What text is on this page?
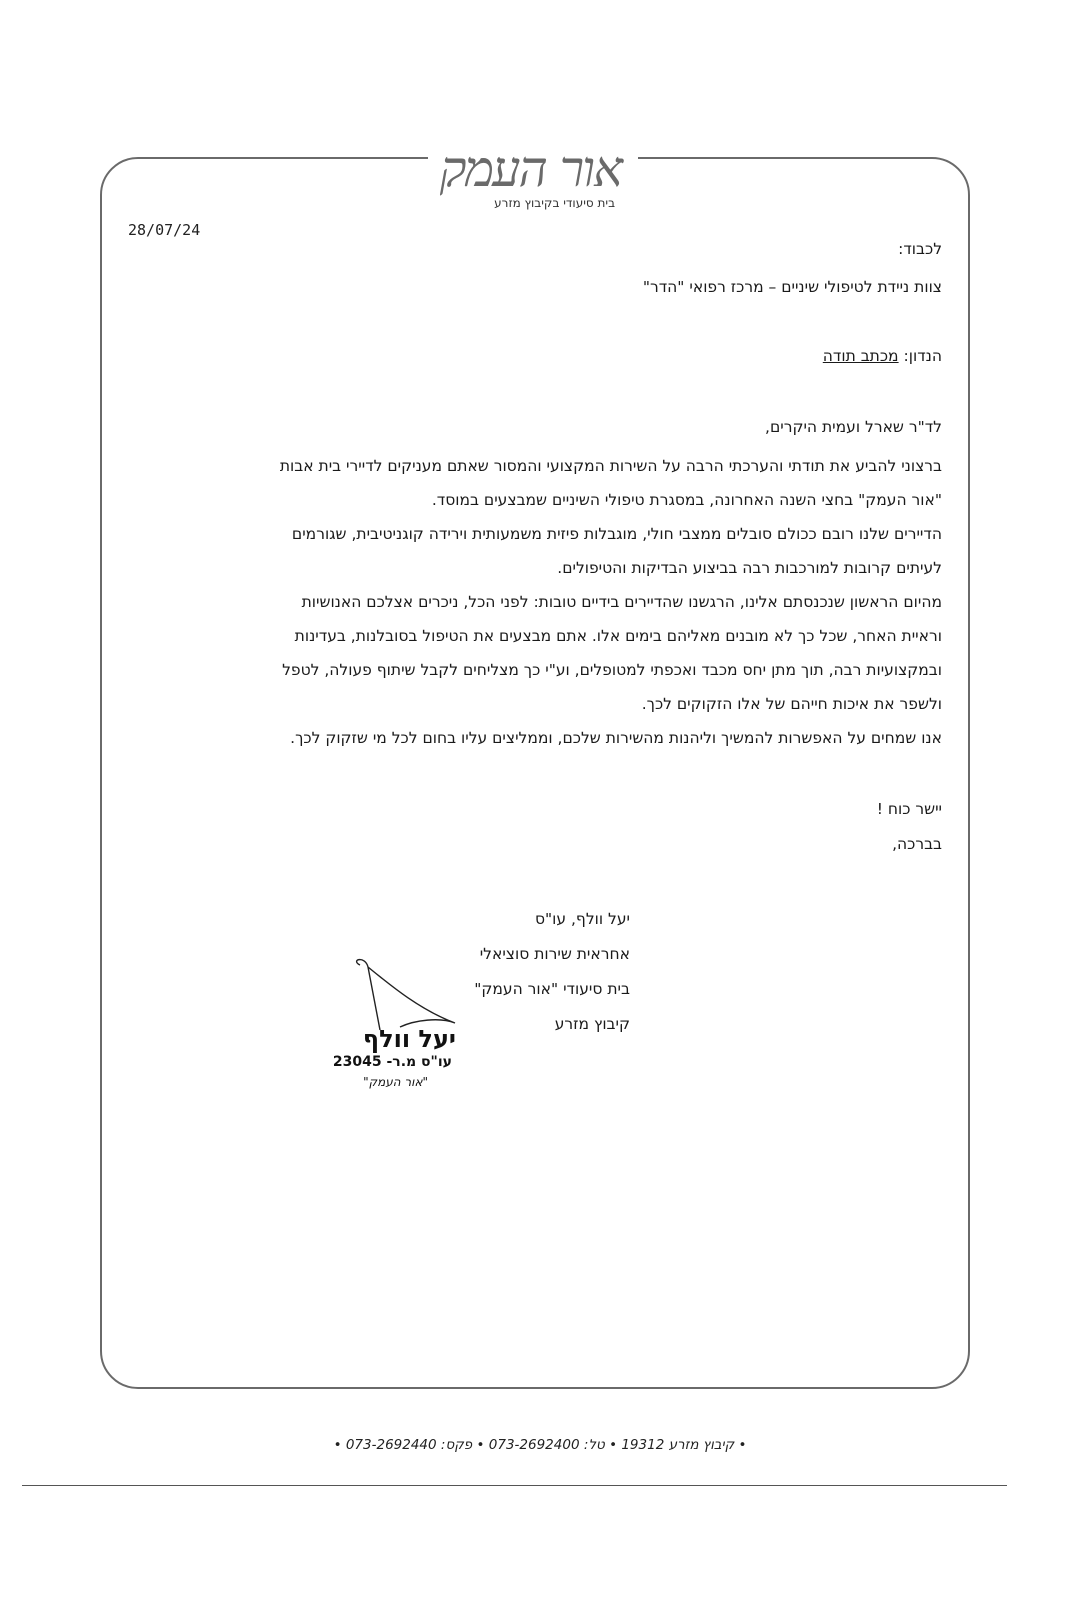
אור העמק
בית סיעודי בקיבוץ מזרע
28/07/24
לכבוד:
צוות ניידת לטיפולי שיניים – מרכז רפואי "הדר"
הנדון: מכתב תודה
לד"ר שארל ועמית היקרים,
ברצוני להביע את תודתי והערכתי הרבה על השירות המקצועי והמסור שאתם מעניקים לדיירי בית אבות
"אור העמק" בחצי השנה האחרונה, במסגרת טיפולי השיניים שמבצעים במוסד.
הדיירים שלנו רובם ככולם סובלים ממצבי חולי, מוגבלות פיזית משמעותית וירידה קוגניטיבית, שגורמים
לעיתים קרובות למורכבות רבה בביצוע הבדיקות והטיפולים.
מהיום הראשון שנכנסתם אלינו, הרגשנו שהדיירים בידיים טובות: לפני הכל, ניכרים אצלכם האנושיות
וראיית האחר, שכל כך לא מובנים מאליהם בימים אלו. אתם מבצעים את הטיפול בסובלנות, בעדינות
ובמקצועיות רבה, תוך מתן יחס מכבד ואכפתי למטופלים, וע"י כך מצליחים לקבל שיתוף פעולה, לטפל
ולשפר את איכות חייהם של אלו הזקוקים לכך.
אנו שמחים על האפשרות להמשיך וליהנות מהשירות שלכם, וממליצים עליו בחום לכל מי שזקוק לכך.
יישר כוח !
בברכה,
יעל וולף, עו"ס
אחראית שירות סוציאלי
בית סיעודי "אור העמק"
קיבוץ מזרע
יעל וולף
עו"ס מ.ר- 23045
"אור העמק"
• קיבוץ מזרע 19312 • טל: 073-2692400 • פקס: 073-2692440 •
